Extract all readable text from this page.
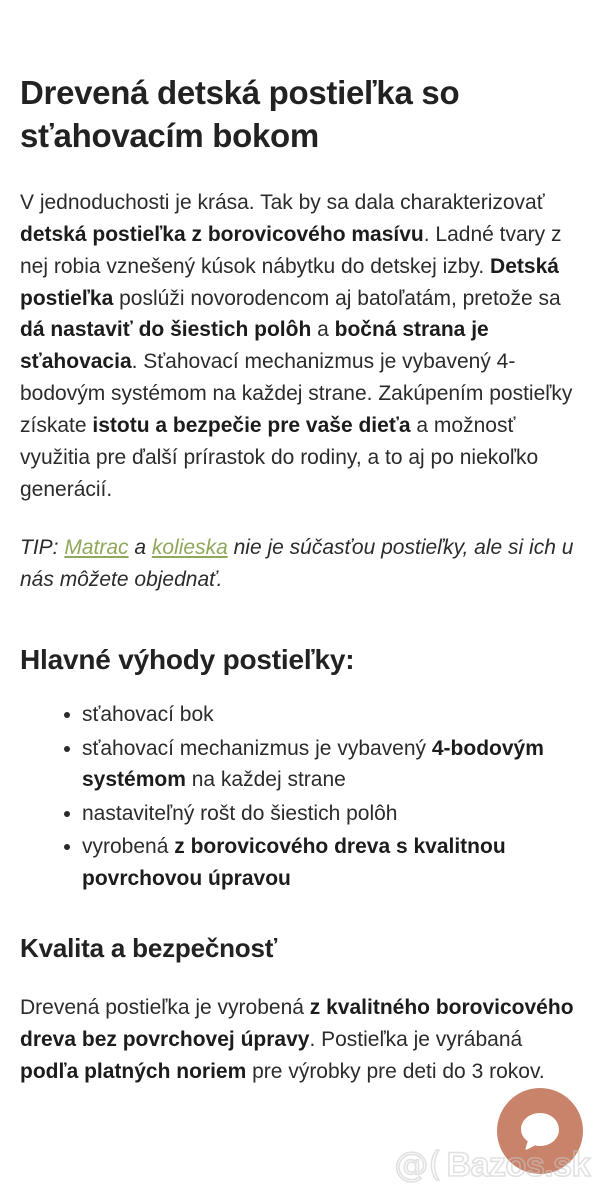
Drevená detská postieľka so sťahovacím bokom

V jednoduchosti je krása. Tak by sa dala charakterizovať detská postieľka z borovicového masívu. Ladné tvary z nej robia vznešený kúsok nábytku do detskej izby. Detská postieľka poslúži novorodencom aj batoľatám, pretože sa dá nastaviť do šiestich polôh a bočná strana je sťahovacia. Sťahovací mechanizmus je vybavený 4-bodovým systémom na každej strane. Zakúpením postieľky získate istotu a bezpečie pre vaše dieťa a možnosť využitia pre ďalší prírastok do rodiny, a to aj po niekoľko generácií.

TIP: Matrac a kolieska nie je súčasťou postieľky, ale si ich u nás môžete objednať.

Hlavné výhody postieľky:
sťahovací bok
sťahovací mechanizmus je vybavený 4-bodovým systémom na každej strane
nastaviteľný rošt do šiestich polôh
vyrobená z borovicového dreva s kvalitnou povrchovou úpravou
Kvalita a bezpečnosť

Drevená postieľka je vyrobená z kvalitného borovicového dreva bez povrchovej úpravy. Postieľka je vyrábaná podľa platných noriem pre výrobky pre deti do 3 rokov.

@(
